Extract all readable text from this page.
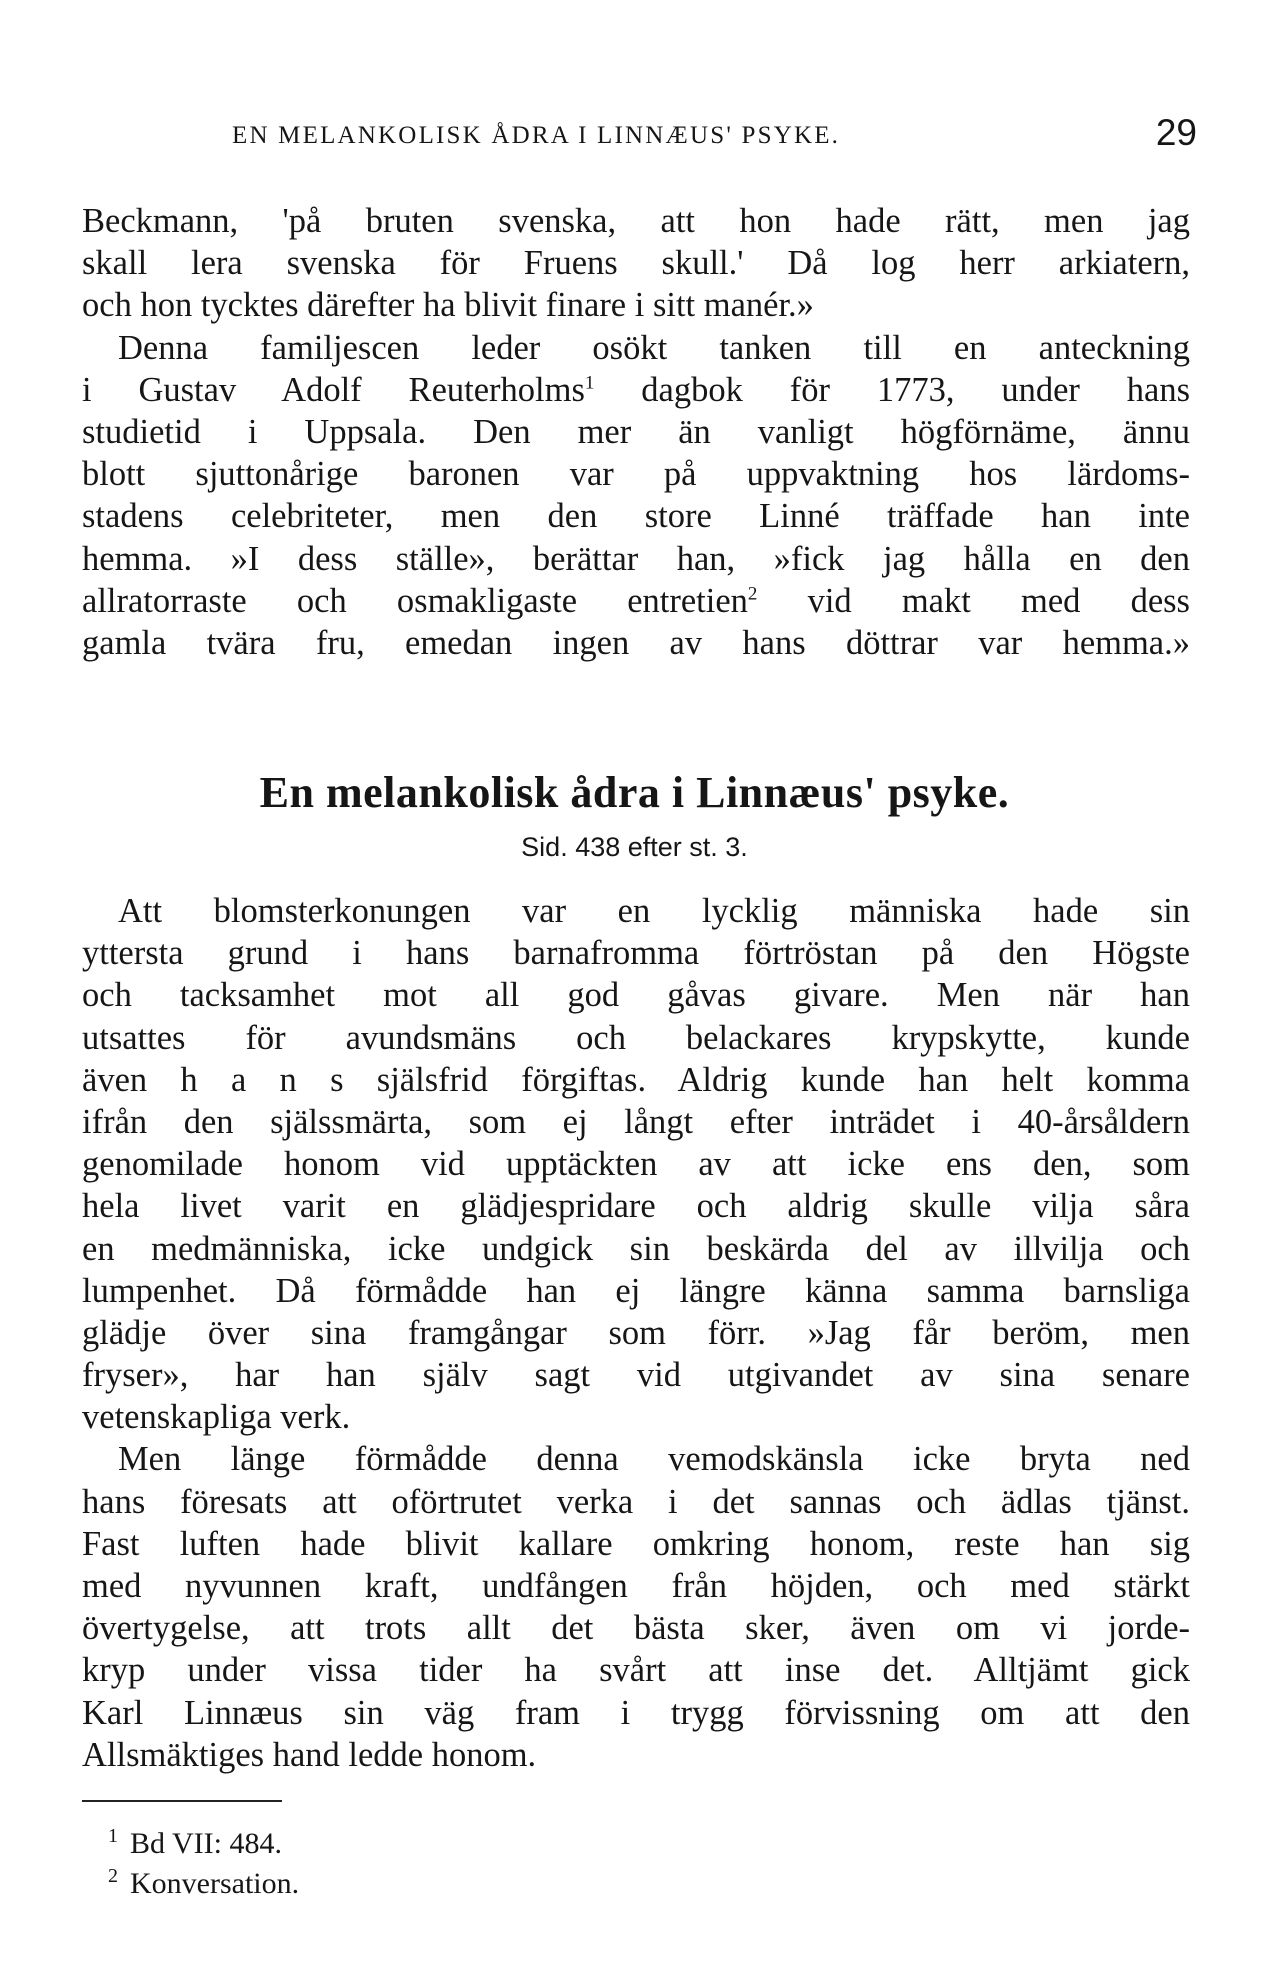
EN MELANKOLISK ÅDRA I LINNÆUS' PSYKE.	29
Beckmann, 'på bruten svenska, att hon hade rätt, men jag
skall lera svenska för Fruens skull.' Då log herr arkiatern,
och hon tycktes därefter ha blivit finare i sitt manér.»
Denna familjescen leder osökt tanken till en anteckning
i Gustav Adolf Reuterholms$^1$ dagbok för 1773, under hans
studietid i Uppsala. Den mer än vanligt högförnäme, ännu
blott sjuttonårige baronen var på uppvaktning hos lärdoms-
stadens celebriteter, men den store Linné träffade han inte
hemma. »I dess ställe», berättar han, »fick jag hålla en den
allratorraste och osmakligaste entretien$^2$ vid makt med dess
gamla tvära fru, emedan ingen av hans döttrar var hemma.»
En melankolisk ådra i Linnæus' psyke.
Sid. 438 efter st. 3.
Att blomsterkonungen var en lycklig människa hade sin
yttersta grund i hans barnafromma förtröstan på den Högste
och tacksamhet mot all god gåvas givare. Men när han
utsattes för avundsmäns och belackares krypskytte, kunde
även h a n s själsfrid förgiftas. Aldrig kunde han helt komma
ifrån den själssmärta, som ej långt efter inträdet i 40-årsåldern
genomilade honom vid upptäckten av att icke ens den, som
hela livet varit en glädjespridare och aldrig skulle vilja såra
en medmänniska, icke undgick sin beskärda del av illvilja och
lumpenhet. Då förmådde han ej längre känna samma barnsliga
glädje över sina framgångar som förr. »Jag får beröm, men
fryser», har han själv sagt vid utgivandet av sina senare
vetenskapliga verk.
Men länge förmådde denna vemodskänsla icke bryta ned
hans föresats att oförtrutet verka i det sannas och ädlas tjänst.
Fast luften hade blivit kallare omkring honom, reste han sig
med nyvunnen kraft, undfången från höjden, och med stärkt
övertygelse, att trots allt det bästa sker, även om vi jorde-
kryp under vissa tider ha svårt att inse det. Alltjämt gick
Karl Linnæus sin väg fram i trygg förvissning om att den
Allsmäktiges hand ledde honom.
$^1$ Bd VII: 484.
$^2$ Konversation.
